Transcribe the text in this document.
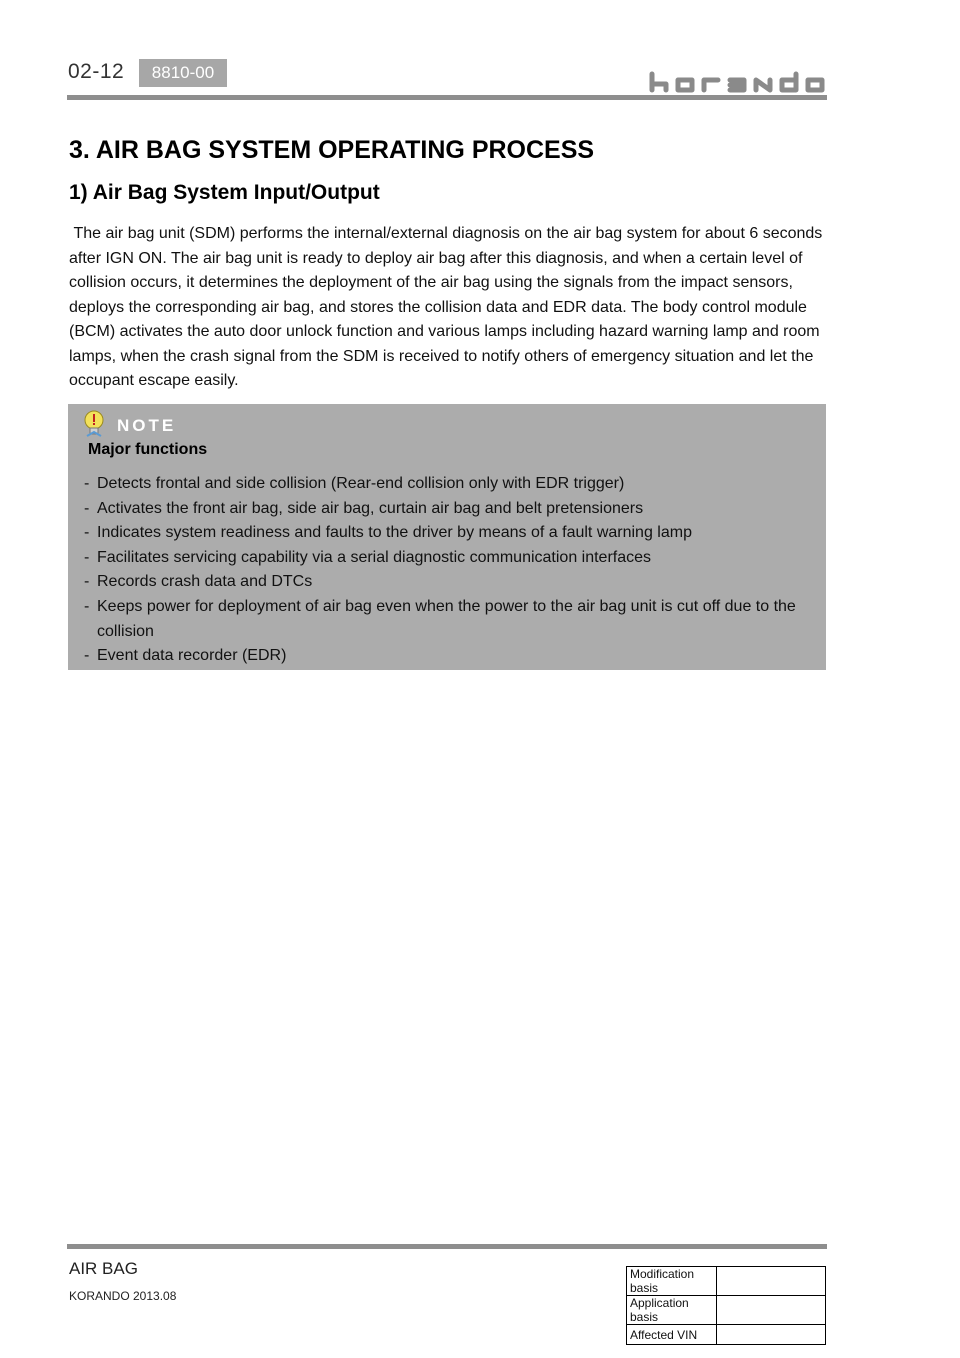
02-12	8810-00
3. AIR BAG SYSTEM OPERATING PROCESS
1) Air Bag System Input/Output
The air bag unit (SDM) performs the internal/external diagnosis on the air bag system for about 6 seconds after IGN ON. The air bag unit is ready to deploy air bag after this diagnosis, and when a certain level of collision occurs, it determines the deployment of the air bag using the signals from the impact sensors, deploys the corresponding air bag, and stores the collision data and EDR data. The body control module (BCM) activates the auto door unlock function and various lamps including hazard warning lamp and room lamps, when the crash signal from the SDM is received to notify others of emergency situation and let the occupant escape easily.
NOTE
Major functions
- Detects frontal and side collision (Rear-end collision only with EDR trigger)
- Activates the front air bag, side air bag, curtain air bag and belt pretensioners
- Indicates system readiness and faults to the driver by means of a fault warning lamp
- Facilitates servicing capability via a serial diagnostic communication interfaces
- Records crash data and DTCs
- Keeps power for deployment of air bag even when the power to the air bag unit is cut off due to the collision
- Event data recorder (EDR)
AIR BAG
KORANDO 2013.08
Modification basis	
Application basis	
Affected VIN	
